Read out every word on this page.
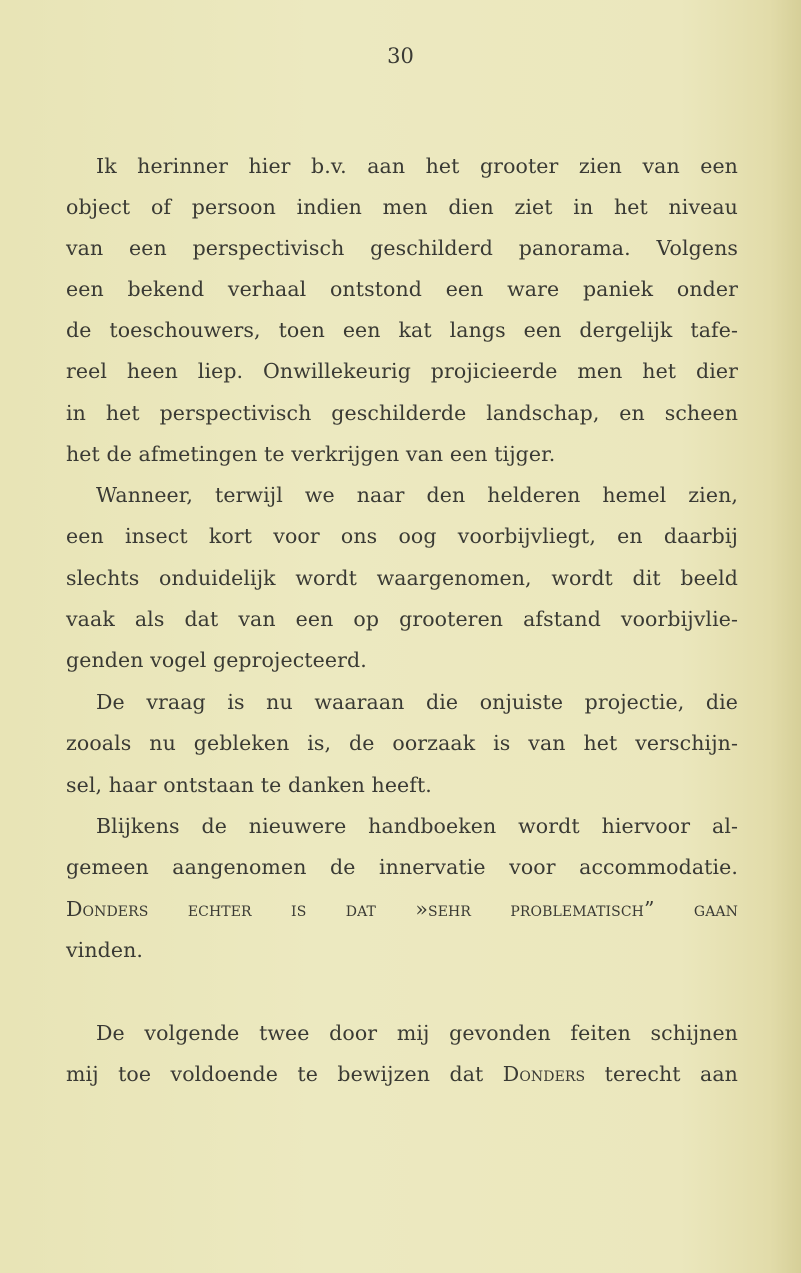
30
Ik herinner hier b.v. aan het grooter zien van een
object of persoon indien men dien ziet in het niveau
van een perspectivisch geschilderd panorama. Volgens
een bekend verhaal ontstond een ware paniek onder
de toeschouwers, toen een kat langs een dergelijk tafe-
reel heen liep. Onwillekeurig projicieerde men het dier
in het perspectivisch geschilderde landschap, en scheen
het de afmetingen te verkrijgen van een tijger.
Wanneer, terwijl we naar den helderen hemel zien,
een insect kort voor ons oog voorbijvliegt, en daarbij
slechts onduidelijk wordt waargenomen, wordt dit beeld
vaak als dat van een op grooteren afstand voorbijvlie-
genden vogel geprojecteerd.
De vraag is nu waaraan die onjuiste projectie, die
zooals nu gebleken is, de oorzaak is van het verschijn-
sel, haar ontstaan te danken heeft.
Blijkens de nieuwere handboeken wordt hiervoor al-
gemeen aangenomen de innervatie voor accommodatie.
Donders echter is dat »sehr problematisch” gaan
vinden.
De volgende twee door mij gevonden feiten schijnen
mij toe voldoende te bewijzen dat Donders terecht aan
